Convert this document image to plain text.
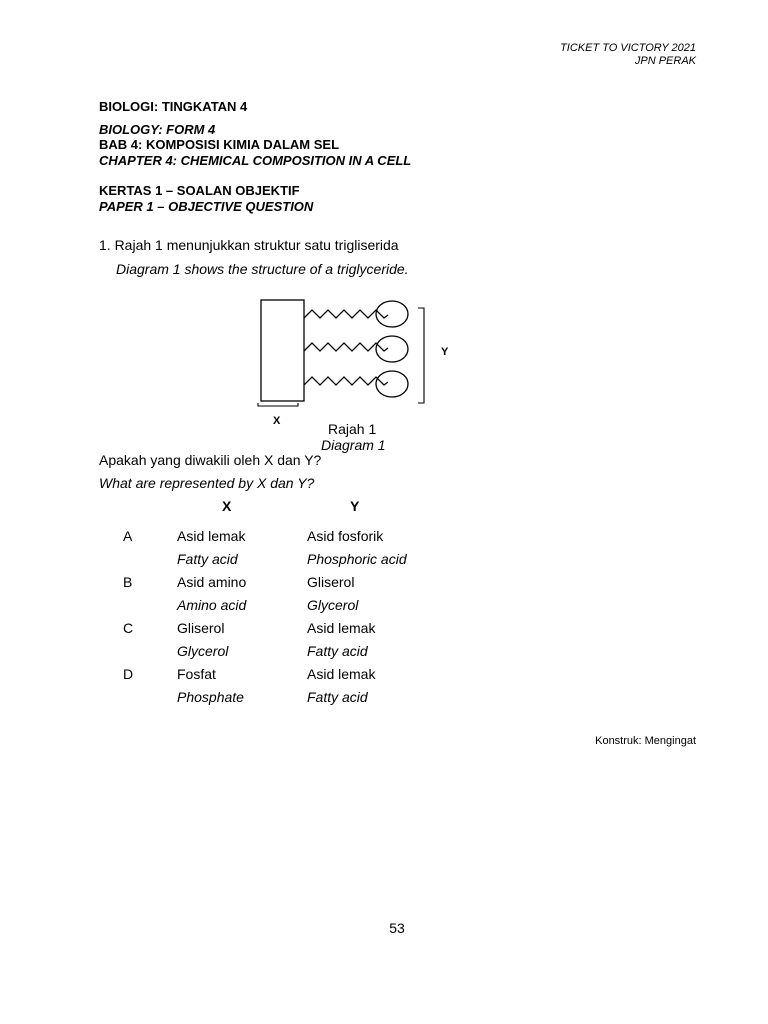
TICKET TO VICTORY 2021
JPN PERAK
BIOLOGI: TINGKATAN 4
BIOLOGY: FORM 4
BAB 4: KOMPOSISI KIMIA DALAM SEL
CHAPTER 4: CHEMICAL COMPOSITION IN A CELL
KERTAS 1 – SOALAN OBJEKTIF
PAPER 1 – OBJECTIVE QUESTION
1. Rajah 1 menunjukkan struktur satu trigliserida
Diagram 1 shows the structure of a triglyceride.
Y
X	Rajah 1
Diagram 1
Apakah yang diwakili oleh X dan Y?
What are represented by X dan Y?
X	Y
A	Asid lemak	Asid fosforik
Fatty acid	Phosphoric acid
B	Asid amino	Gliserol
Amino acid	Glycerol
C	Gliserol	Asid lemak
Glycerol	Fatty acid
D	Fosfat	Asid lemak
Phosphate	Fatty acid
Konstruk: Mengingat
53
